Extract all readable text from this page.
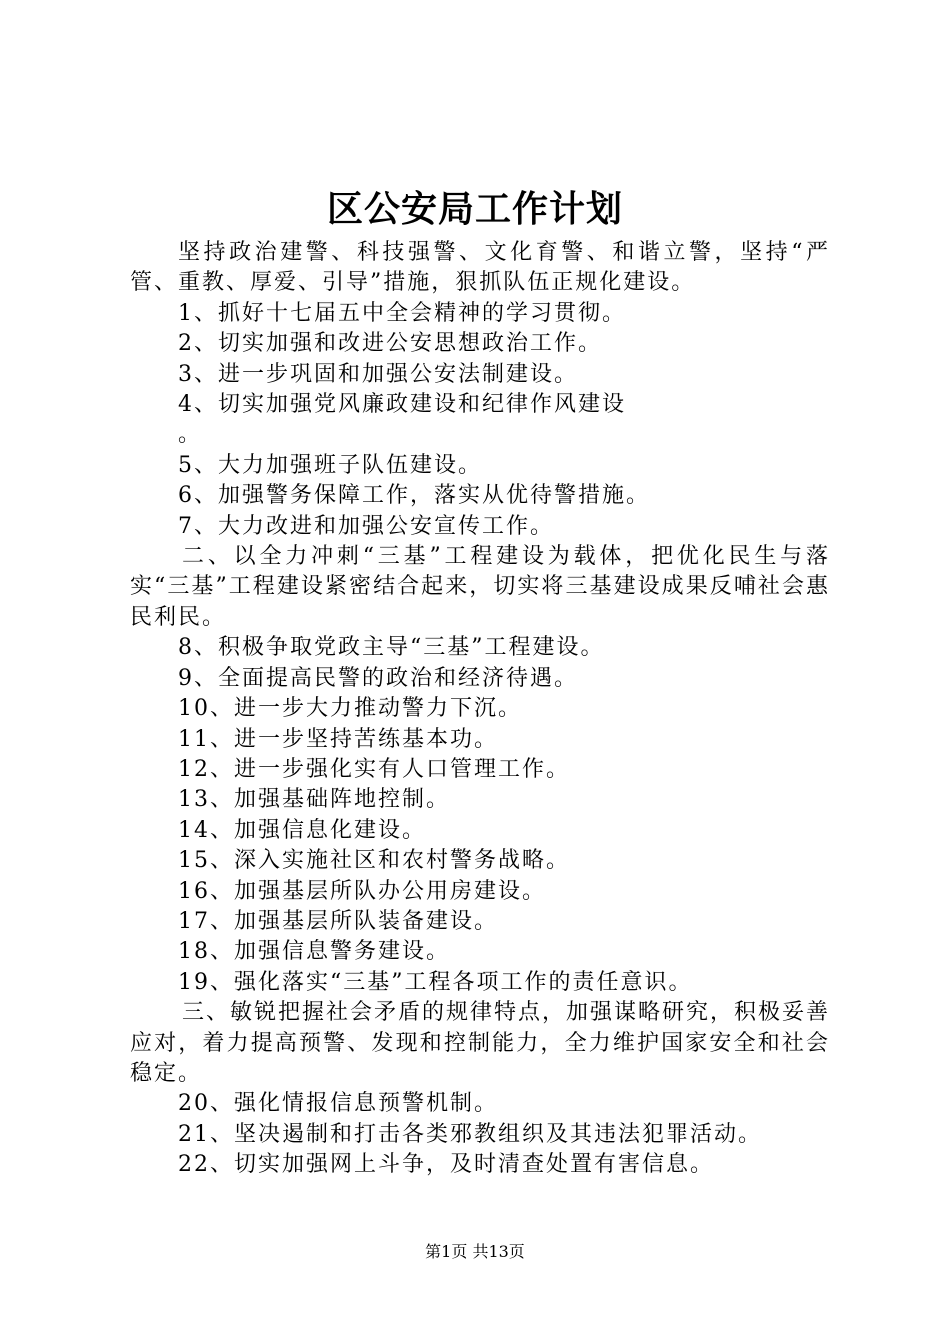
区公安局工作计划

坚持政治建警、科技强警、文化育警、和谐立警，坚持“严管、重教、厚爱、引导”措施，狠抓队伍正规化建设。

1、抓好十七届五中全会精神的学习贯彻。

2、切实加强和改进公安思想政治工作。

3、进一步巩固和加强公安法制建设。

4、切实加强党风廉政建设和纪律作风建设

。

5、大力加强班子队伍建设。

6、加强警务保障工作，落实从优待警措施。

7、大力改进和加强公安宣传工作。

二、以全力冲刺“三基”工程建设为载体，把优化民生与落实“三基”工程建设紧密结合起来，切实将三基建设成果反哺社会惠民利民。

8、积极争取党政主导“三基”工程建设。

9、全面提高民警的政治和经济待遇。

10、进一步大力推动警力下沉。

11、进一步坚持苦练基本功。

12、进一步强化实有人口管理工作。

13、加强基础阵地控制。

14、加强信息化建设。

15、深入实施社区和农村警务战略。

16、加强基层所队办公用房建设。

17、加强基层所队装备建设。

18、加强信息警务建设。

19、强化落实“三基”工程各项工作的责任意识。

三、敏锐把握社会矛盾的规律特点，加强谋略研究，积极妥善应对，着力提高预警、发现和控制能力，全力维护国家安全和社会稳定。

20、强化情报信息预警机制。

21、坚决遏制和打击各类邪教组织及其违法犯罪活动。

22、切实加强网上斗争，及时清查处置有害信息。

第1页 共13页
